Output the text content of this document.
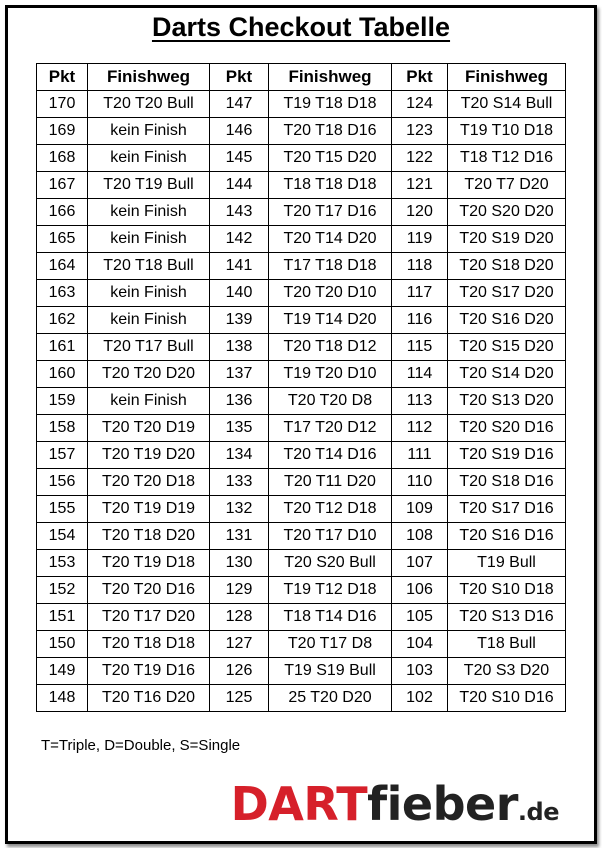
Darts Checkout Tabelle
Pkt	Finishweg	Pkt	Finishweg	Pkt	Finishweg
170	T20 T20 Bull	147	T19 T18 D18	124	T20 S14 Bull
169	kein Finish	146	T20 T18 D16	123	T19 T10 D18
168	kein Finish	145	T20 T15 D20	122	T18 T12 D16
167	T20 T19 Bull	144	T18 T18 D18	121	T20 T7 D20
166	kein Finish	143	T20 T17 D16	120	T20 S20 D20
165	kein Finish	142	T20 T14 D20	119	T20 S19 D20
164	T20 T18 Bull	141	T17 T18 D18	118	T20 S18 D20
163	kein Finish	140	T20 T20 D10	117	T20 S17 D20
162	kein Finish	139	T19 T14 D20	116	T20 S16 D20
161	T20 T17 Bull	138	T20 T18 D12	115	T20 S15 D20
160	T20 T20 D20	137	T19 T20 D10	114	T20 S14 D20
159	kein Finish	136	T20 T20 D8	113	T20 S13 D20
158	T20 T20 D19	135	T17 T20 D12	112	T20 S20 D16
157	T20 T19 D20	134	T20 T14 D16	111	T20 S19 D16
156	T20 T20 D18	133	T20 T11 D20	110	T20 S18 D16
155	T20 T19 D19	132	T20 T12 D18	109	T20 S17 D16
154	T20 T18 D20	131	T20 T17 D10	108	T20 S16 D16
153	T20 T19 D18	130	T20 S20 Bull	107	T19 Bull
152	T20 T20 D16	129	T19 T12 D18	106	T20 S10 D18
151	T20 T17 D20	128	T18 T14 D16	105	T20 S13 D16
150	T20 T18 D18	127	T20 T17 D8	104	T18 Bull
149	T20 T19 D16	126	T19 S19 Bull	103	T20 S3 D20
148	T20 T16 D20	125	25 T20 D20	102	T20 S10 D16
T=Triple, D=Double, S=Single
DARTfieber.de
